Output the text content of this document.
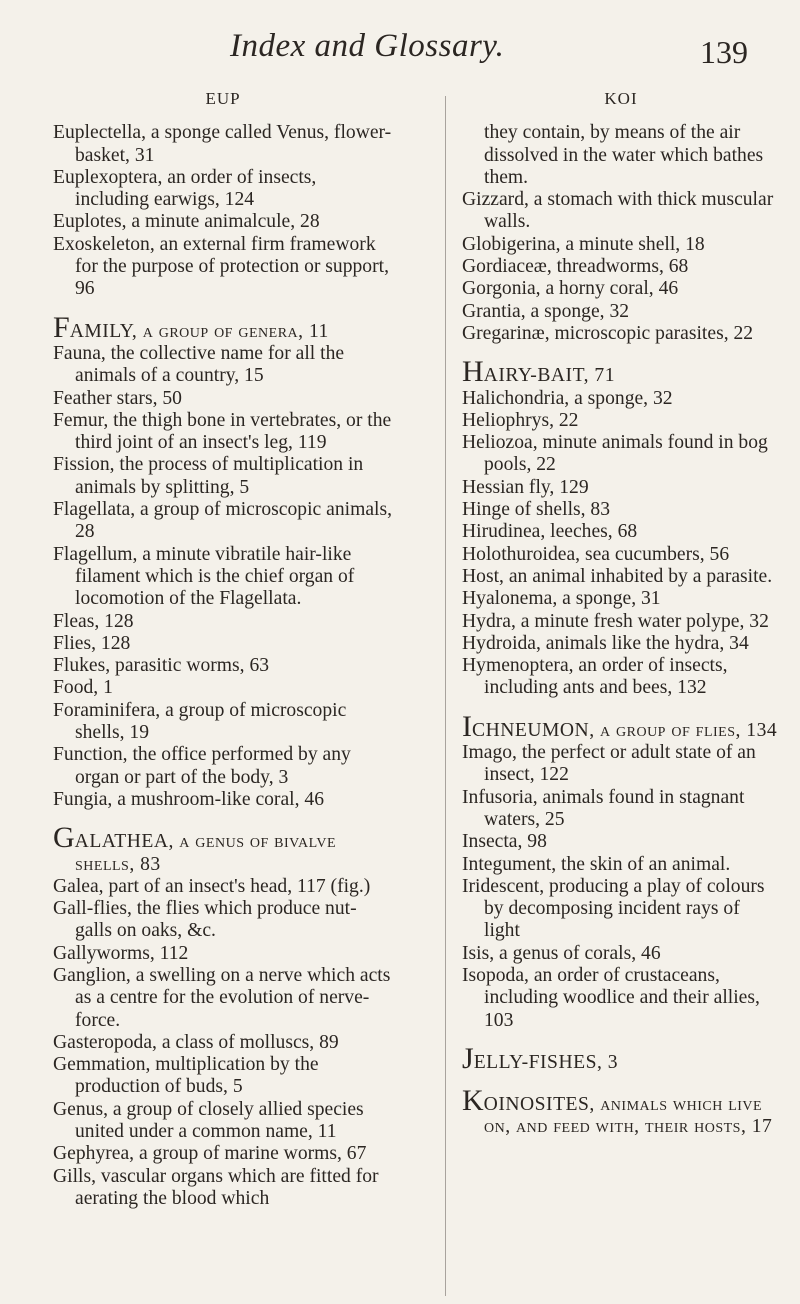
Index and Glossary.	139
EUP

Euplectella, a sponge called Venus, flower-basket, 31

Euplexoptera, an order of insects, including earwigs, 124

Euplotes, a minute animalcule, 28

Exoskeleton, an external firm framework for the purpose of protection or support, 96

FAMILY, a group of genera, 11

Fauna, the collective name for all the animals of a country, 15

Feather stars, 50

Femur, the thigh bone in vertebrates, or the third joint of an insect's leg, 119

Fission, the process of multiplication in animals by splitting, 5

Flagellata, a group of microscopic animals, 28

Flagellum, a minute vibratile hair-like filament which is the chief organ of locomotion of the Flagellata.

Fleas, 128

Flies, 128

Flukes, parasitic worms, 63

Food, 1

Foraminifera, a group of microscopic shells, 19

Function, the office performed by any organ or part of the body, 3

Fungia, a mushroom-like coral, 46

GALATHEA, a genus of bivalve shells, 83

Galea, part of an insect's head, 117 (fig.)

Gall-flies, the flies which produce nut-galls on oaks, &c.

Gallyworms, 112

Ganglion, a swelling on a nerve which acts as a centre for the evolution of nerve-force.

Gasteropoda, a class of molluscs, 89

Gemmation, multiplication by the production of buds, 5

Genus, a group of closely allied species united under a common name, 11

Gephyrea, a group of marine worms, 67

Gills, vascular organs which are fitted for aerating the blood which

KOI

they contain, by means of the air dissolved in the water which bathes them.

Gizzard, a stomach with thick muscular walls.

Globigerina, a minute shell, 18

Gordiaceæ, threadworms, 68

Gorgonia, a horny coral, 46

Grantia, a sponge, 32

Gregarinæ, microscopic parasites, 22

HAIRY-BAIT, 71

Halichondria, a sponge, 32

Heliophrys, 22

Heliozoa, minute animals found in bog pools, 22

Hessian fly, 129

Hinge of shells, 83

Hirudinea, leeches, 68

Holothuroidea, sea cucumbers, 56

Host, an animal inhabited by a parasite.

Hyalonema, a sponge, 31

Hydra, a minute fresh water polype, 32

Hydroida, animals like the hydra, 34

Hymenoptera, an order of insects, including ants and bees, 132

ICHNEUMON, a group of flies, 134

Imago, the perfect or adult state of an insect, 122

Infusoria, animals found in stagnant waters, 25

Insecta, 98

Integument, the skin of an animal.

Iridescent, producing a play of colours by decomposing incident rays of light

Isis, a genus of corals, 46

Isopoda, an order of crustaceans, including woodlice and their allies, 103

JELLY-FISHES, 3

KOINOSITES, animals which live on, and feed with, their hosts, 17
